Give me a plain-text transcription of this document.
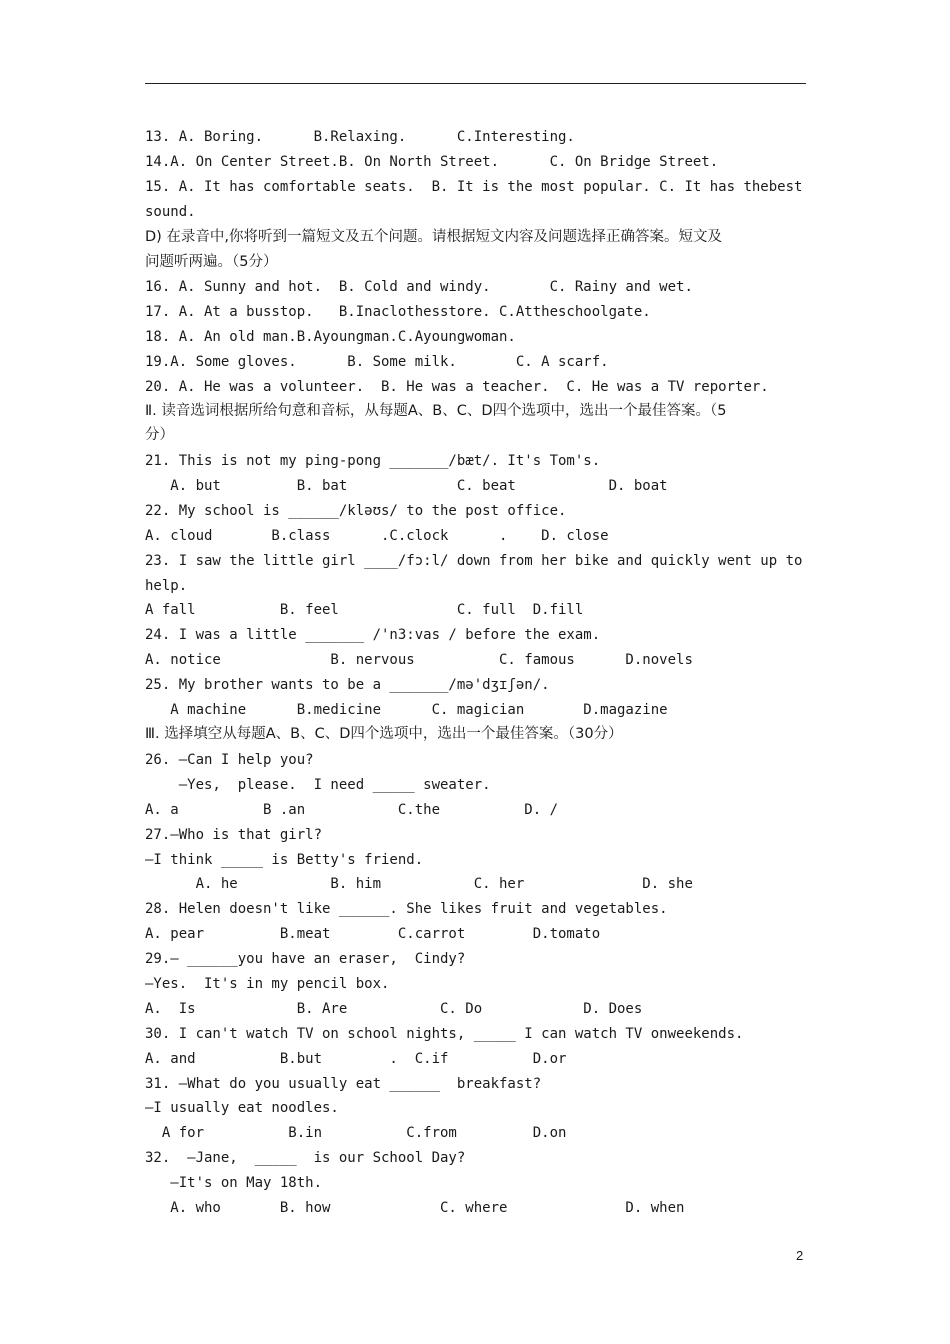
13. A. Boring.      B.Relaxing.      C.Interesting.
14.A. On Center Street.B. On North Street.      C. On Bridge Street.
15. A. It has comfortable seats.  B. It is the most popular. C. It has thebest
sound.
D) 在录音中,你将听到一篇短文及五个问题。请根据短文内容及问题选择正确答案。短文及
问题听两遍。（5分）
16. A. Sunny and hot.  B. Cold and windy.       C. Rainy and wet.
17. A. At a busstop.   B.Inaclothesstore. C.Attheschoolgate.
18. A. An old man.B.Ayoungman.C.Ayoungwoman.
19.A. Some gloves.      B. Some milk.       C. A scarf.
20. A. He was a volunteer.  B. He was a teacher.  C. He was a TV reporter.
Ⅱ. 读音选词根据所给句意和音标，从每题A、B、C、D四个选项中，选出一个最佳答案。（5
分）
21. This is not my ping-pong _______/bæt/. It's Tom's.
A. but         B. bat             C. beat           D. boat
22. My school is ______/kləʊs/ to the post office.
A. cloud       B.class      .C.clock      .    D. close
23. I saw the little girl ____/fɔ:l/ down from her bike and quickly went up to
help.
A fall          B. feel              C. full  D.fill
24. I was a little _______ /'n3:vas / before the exam.
A. notice             B. nervous          C. famous      D.novels
25. My brother wants to be a _______/mə'dʒɪʃən/.
A machine      B.medicine      C. magician       D.magazine
Ⅲ. 选择填空从每题A、B、C、D四个选项中，选出一个最佳答案。（30分）
26. —Can I help you?
—Yes,  please.  I need _____ sweater.
A. a          B .an           C.the          D. /
27.—Who is that girl?
—I think _____ is Betty's friend.
A. he           B. him           C. her              D. she
28. Helen doesn't like ______. She likes fruit and vegetables.
A. pear         B.meat        C.carrot        D.tomato
29.— ______you have an eraser,  Cindy?
—Yes.  It's in my pencil box.
A.  Is            B. Are           C. Do            D. Does
30. I can't watch TV on school nights, _____ I can watch TV onweekends.
A. and          B.but        .  C.if          D.or
31. —What do you usually eat ______  breakfast?
—I usually eat noodles.
A for          B.in          C.from         D.on
32.  —Jane,  _____  is our School Day?
—It's on May 18th.
A. who       B. how             C. where              D. when
2
